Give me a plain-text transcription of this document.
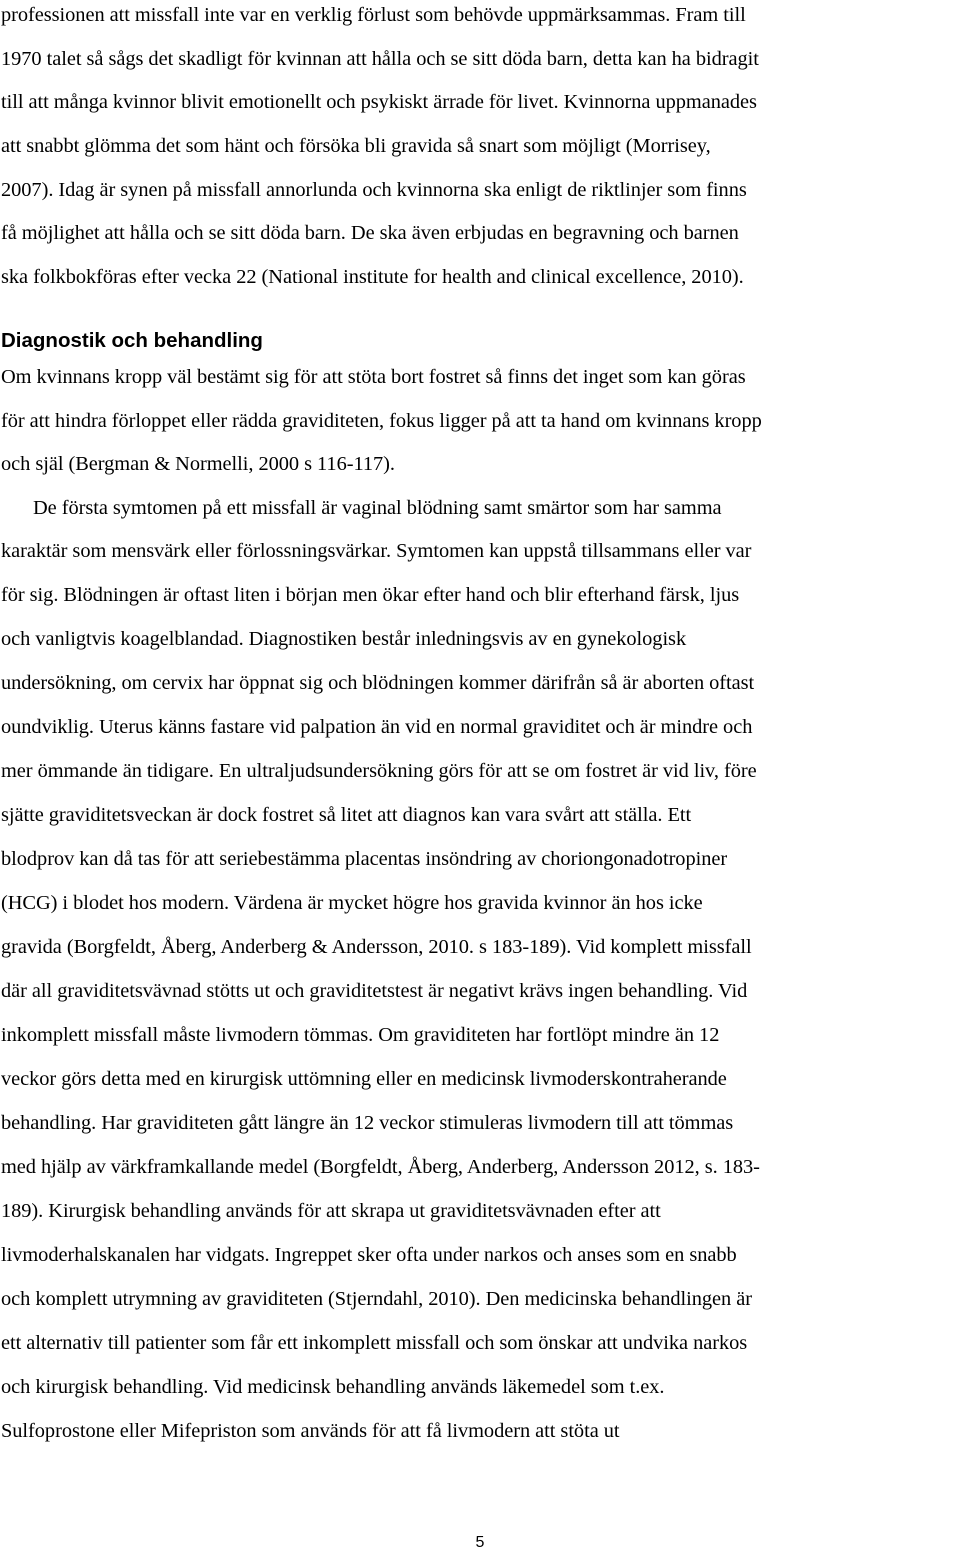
professionen att missfall inte var en verklig förlust som behövde uppmärksammas. Fram till
1970 talet så sågs det skadligt för kvinnan att hålla och se sitt döda barn, detta kan ha bidragit
till att många kvinnor blivit emotionellt och psykiskt ärrade för livet. Kvinnorna uppmanades
att snabbt glömma det som hänt och försöka bli gravida så snart som möjligt (Morrisey,
2007). Idag är synen på missfall annorlunda och kvinnorna ska enligt de riktlinjer som finns
få möjlighet att hålla och se sitt döda barn. De ska även erbjudas en begravning och barnen
ska folkbokföras efter vecka 22 (National institute for health and clinical excellence, 2010).
Diagnostik och behandling
Om kvinnans kropp väl bestämt sig för att stöta bort fostret så finns det inget som kan göras
för att hindra förloppet eller rädda graviditeten, fokus ligger på att ta hand om kvinnans kropp
och själ (Bergman & Normelli, 2000 s 116-117).
De första symtomen på ett missfall är vaginal blödning samt smärtor som har samma
karaktär som mensvärk eller förlossningsvärkar. Symtomen kan uppstå tillsammans eller var
för sig. Blödningen är oftast liten i början men ökar efter hand och blir efterhand färsk, ljus
och vanligtvis koagelblandad. Diagnostiken består inledningsvis av en gynekologisk
undersökning, om cervix har öppnat sig och blödningen kommer därifrån så är aborten oftast
oundviklig. Uterus känns fastare vid palpation än vid en normal graviditet och är mindre och
mer ömmande än tidigare. En ultraljudsundersökning görs för att se om fostret är vid liv, före
sjätte graviditetsveckan är dock fostret så litet att diagnos kan vara svårt att ställa. Ett
blodprov kan då tas för att seriebestämma placentas insöndring av choriongonadotropiner
(HCG) i blodet hos modern. Värdena är mycket högre hos gravida kvinnor än hos icke
gravida (Borgfeldt, Åberg, Anderberg & Andersson, 2010. s 183-189). Vid komplett missfall
där all graviditetsvävnad stötts ut och graviditetstest är negativt krävs ingen behandling. Vid
inkomplett missfall måste livmodern tömmas. Om graviditeten har fortlöpt mindre än 12
veckor görs detta med en kirurgisk uttömning eller en medicinsk livmoderskontraherande
behandling. Har graviditeten gått längre än 12 veckor stimuleras livmodern till att tömmas
med hjälp av värkframkallande medel (Borgfeldt, Åberg, Anderberg, Andersson 2012, s. 183-
189). Kirurgisk behandling används för att skrapa ut graviditetsvävnaden efter att
livmoderhalskanalen har vidgats. Ingreppet sker ofta under narkos och anses som en snabb
och komplett utrymning av graviditeten (Stjerndahl, 2010). Den medicinska behandlingen är
ett alternativ till patienter som får ett inkomplett missfall och som önskar att undvika narkos
och kirurgisk behandling. Vid medicinsk behandling används läkemedel som t.ex.
Sulfoprostone eller Mifepriston som används för att få livmodern att stöta ut
5
